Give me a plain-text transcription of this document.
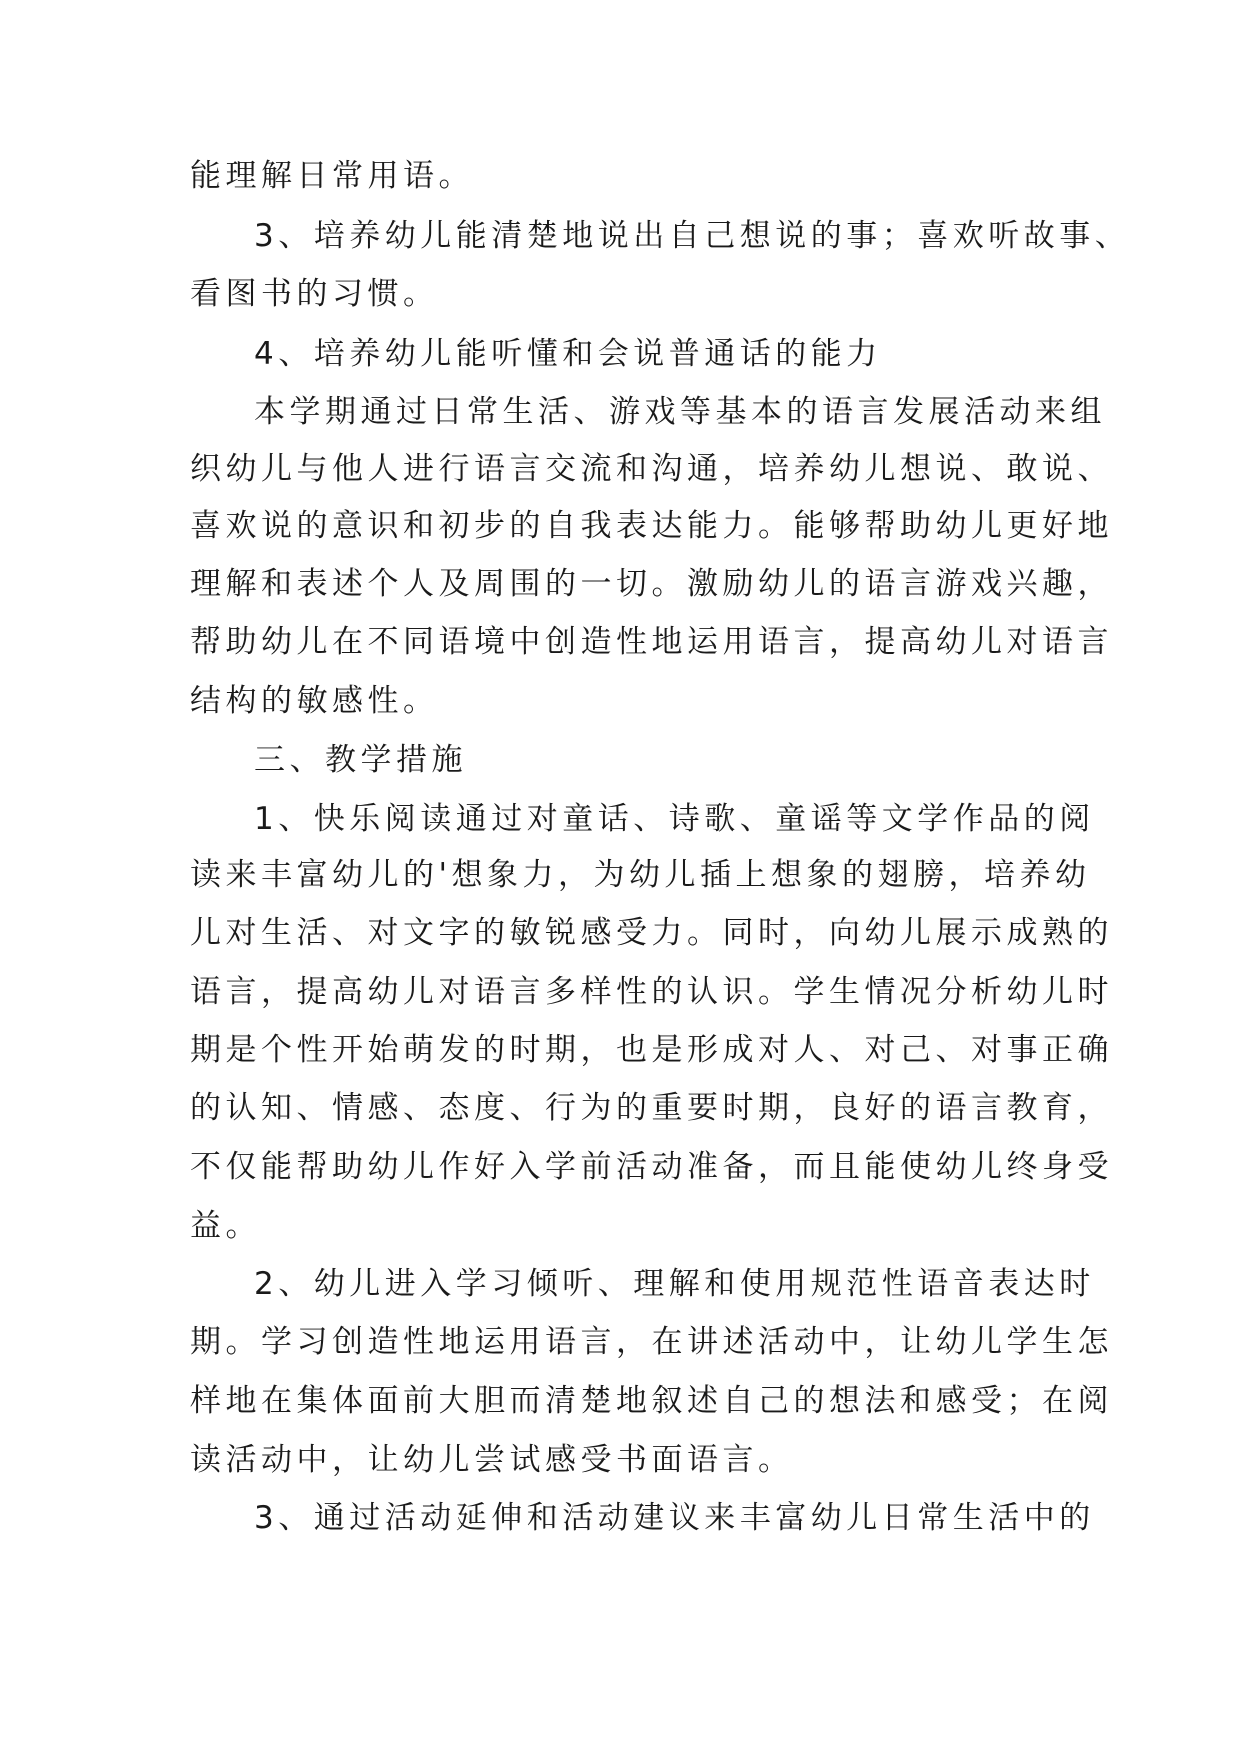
能理解日常用语。
3、培养幼儿能清楚地说出自己想说的事；喜欢听故事、
看图书的习惯。
4、培养幼儿能听懂和会说普通话的能力
本学期通过日常生活、游戏等基本的语言发展活动来组
织幼儿与他人进行语言交流和沟通，培养幼儿想说、敢说、
喜欢说的意识和初步的自我表达能力。能够帮助幼儿更好地
理解和表述个人及周围的一切。激励幼儿的语言游戏兴趣，
帮助幼儿在不同语境中创造性地运用语言，提高幼儿对语言
结构的敏感性。
三、教学措施
1、快乐阅读通过对童话、诗歌、童谣等文学作品的阅
读来丰富幼儿的'想象力，为幼儿插上想象的翅膀，培养幼
儿对生活、对文字的敏锐感受力。同时，向幼儿展示成熟的
语言，提高幼儿对语言多样性的认识。学生情况分析幼儿时
期是个性开始萌发的时期，也是形成对人、对己、对事正确
的认知、情感、态度、行为的重要时期，良好的语言教育，
不仅能帮助幼儿作好入学前活动准备，而且能使幼儿终身受
益。
2、幼儿进入学习倾听、理解和使用规范性语音表达时
期。学习创造性地运用语言，在讲述活动中，让幼儿学生怎
样地在集体面前大胆而清楚地叙述自己的想法和感受；在阅
读活动中，让幼儿尝试感受书面语言。
3、通过活动延伸和活动建议来丰富幼儿日常生活中的
